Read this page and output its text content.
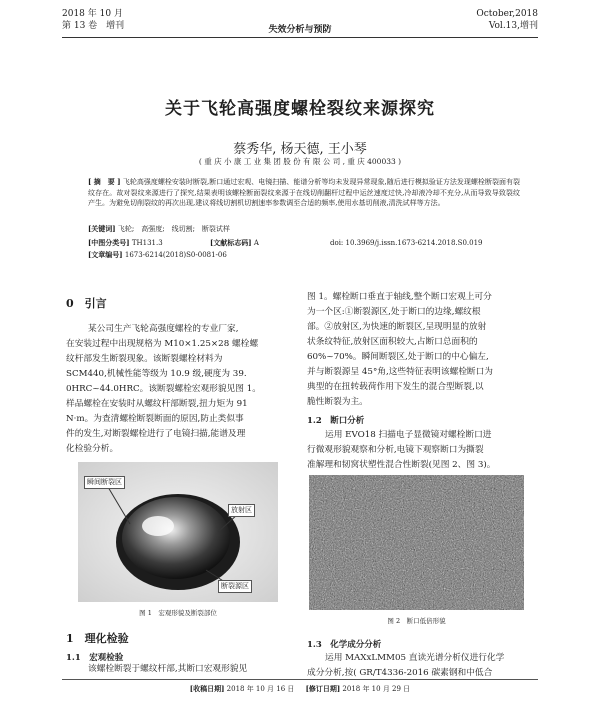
2018 年 10 月
第 13 卷　增刊	失效分析与预防
October,2018
Vol.13,增刊
关于飞轮高强度螺栓裂纹来源探究
蔡秀华, 杨天德, 王小琴
( 重 庆 小 康 工 业 集 团 股 份 有 限 公 司 , 重 庆 400033 )
[ 摘　要 ] 飞轮高强度螺栓安装时断裂,断口通过宏观、电镜扫描、能谱分析等均未发现异常现象,随后进行模拟验证方法发现螺栓断裂面有裂纹存在。故对裂纹来源进行了探究,结果表明该螺栓断面裂纹来源于在线切削翻杆过程中运丝速度过快,冷却液冷却不充分,从而导致导致裂纹产生。为避免切削裂纹的再次出现,建议将线切割机切割速率参数调至合适的频率,使用水基切削液,清洗试样等方法。
[关键词] 飞轮;　高强度;　线切割;　断裂试样
[中图分类号] TH131.3	[文献标志码] A	doi: 10.3969/j.issn.1673-6214.2018.S0.019
[文章编号] 1673-6214(2018)S0-0081-06
0　引言
某公司生产飞轮高强度螺栓的专业厂家,
在安装过程中出现规格为 M10×1.25×28 螺栓螺
纹杆部发生断裂现象。该断裂螺栓材料为
SCM440,机械性能等级为 10.9 级,硬度为 39.
0HRC~44.0HRC。该断裂螺栓宏观形貌见图 1。
样品螺栓在安装时从螺纹杆部断裂,扭力矩为 91
N·m。为查清螺栓断裂断面的原因,防止类似事
件的发生,对断裂螺栓进行了电镜扫描,能谱及理
化检验分析。
瞬间断裂区
放射区
断裂源区
图 1　宏观形貌及断裂部位
1　理化检验
1.1　宏观检验
该螺栓断裂于螺纹杆部,其断口宏观形貌见
图 1。螺栓断口垂直于轴线,整个断口宏观上可分
为一个区:①断裂源区,处于断口的边缘,螺纹根
部。②放射区,为快速的断裂区,呈现明显的放射
状条纹特征,放射区面积较大,占断口总面积的
60%~70%。瞬间断裂区,处于断口的中心偏左,
并与断裂源呈 45°角,这些特征表明该螺栓断口为
典型的在扭转载荷作用下发生的混合型断裂,以
脆性断裂为主。
1.2　断口分析
运用 EVO18 扫描电子显微镜对螺栓断口进
行微观形貌观察和分析,电镜下观察断口为撕裂
准解理和韧窝状塑性混合性断裂(见图 2、图 3)。
图 2　断口低倍形貌
1.3　化学成分分析
运用 MAXxLMM05 直读光谱分析仪进行化学
成分分析,按( GR/T4336-2016 碳素钢和中低合
[收稿日期] 2018 年 10 月 16 日 [修订日期] 2018 年 10 月 29 日
